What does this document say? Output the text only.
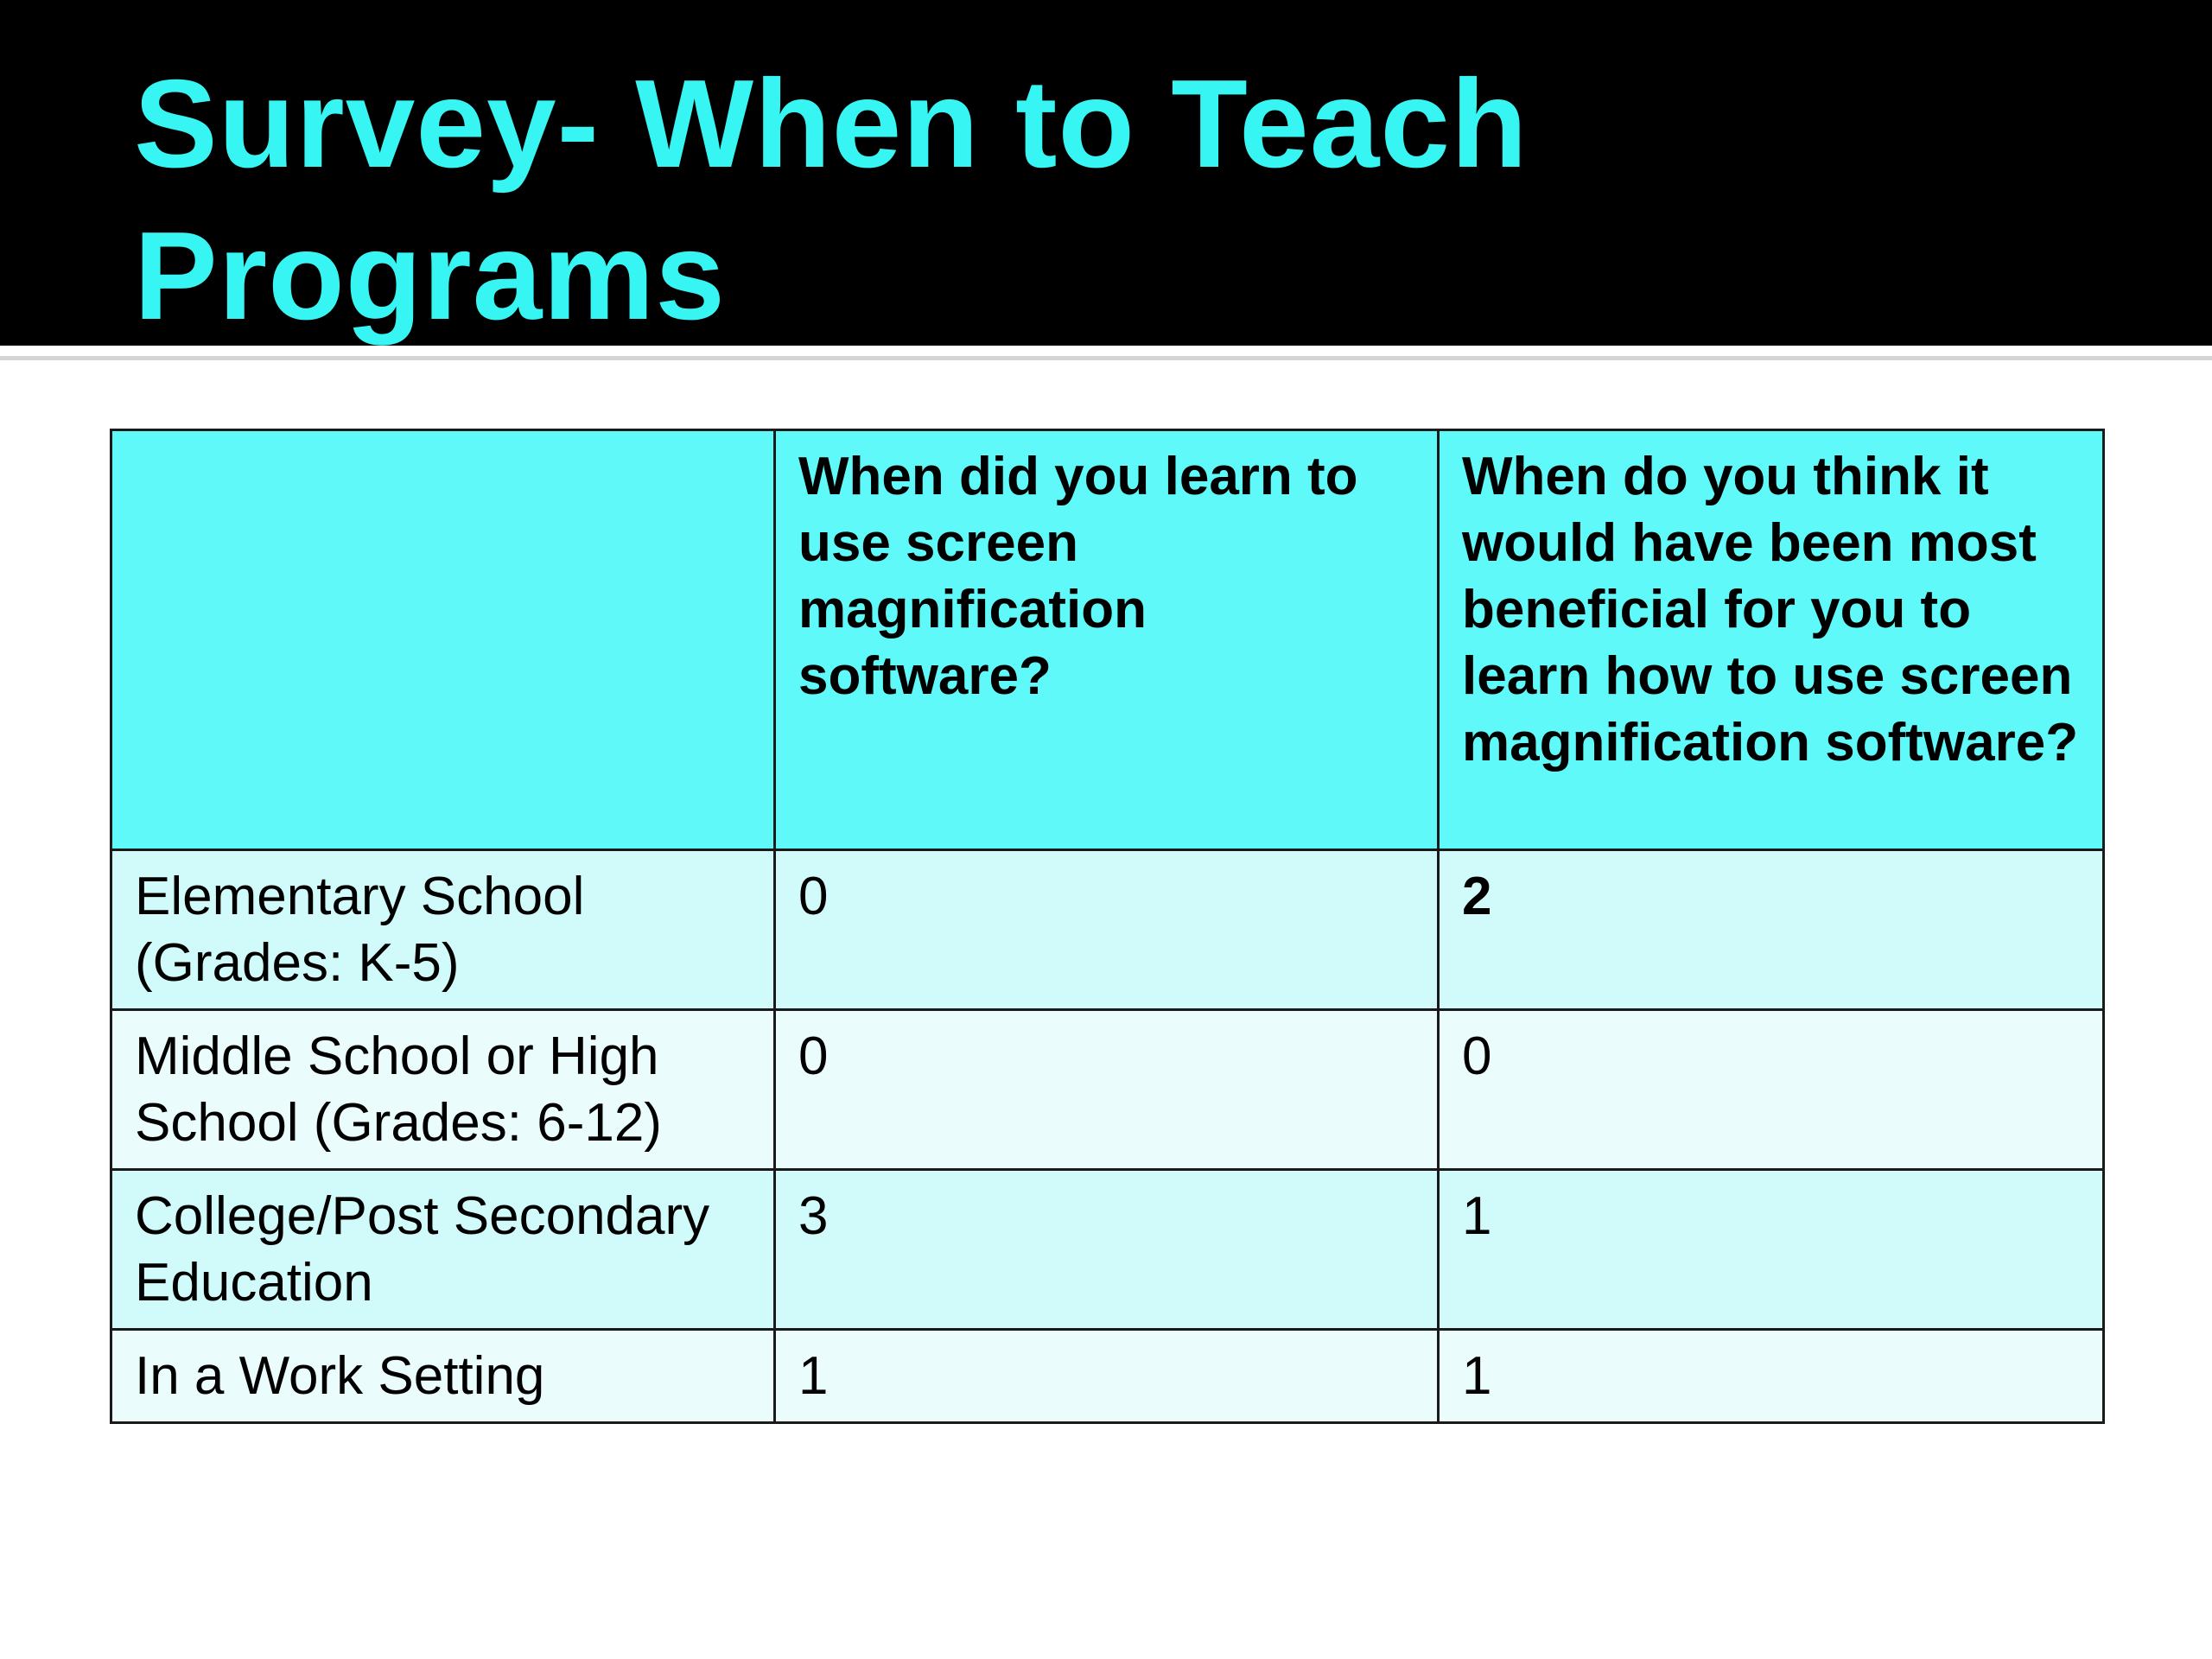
Survey- When to Teach Programs
	When did you learn to use screen magnification software?	When do you think it would have been most beneficial for you to learn how to use screen magnification software?
Elementary School (Grades: K-5)	0	2
Middle School or High School (Grades: 6-12)	0	0
College/Post Secondary Education	3	1
In a Work Setting	1	1
